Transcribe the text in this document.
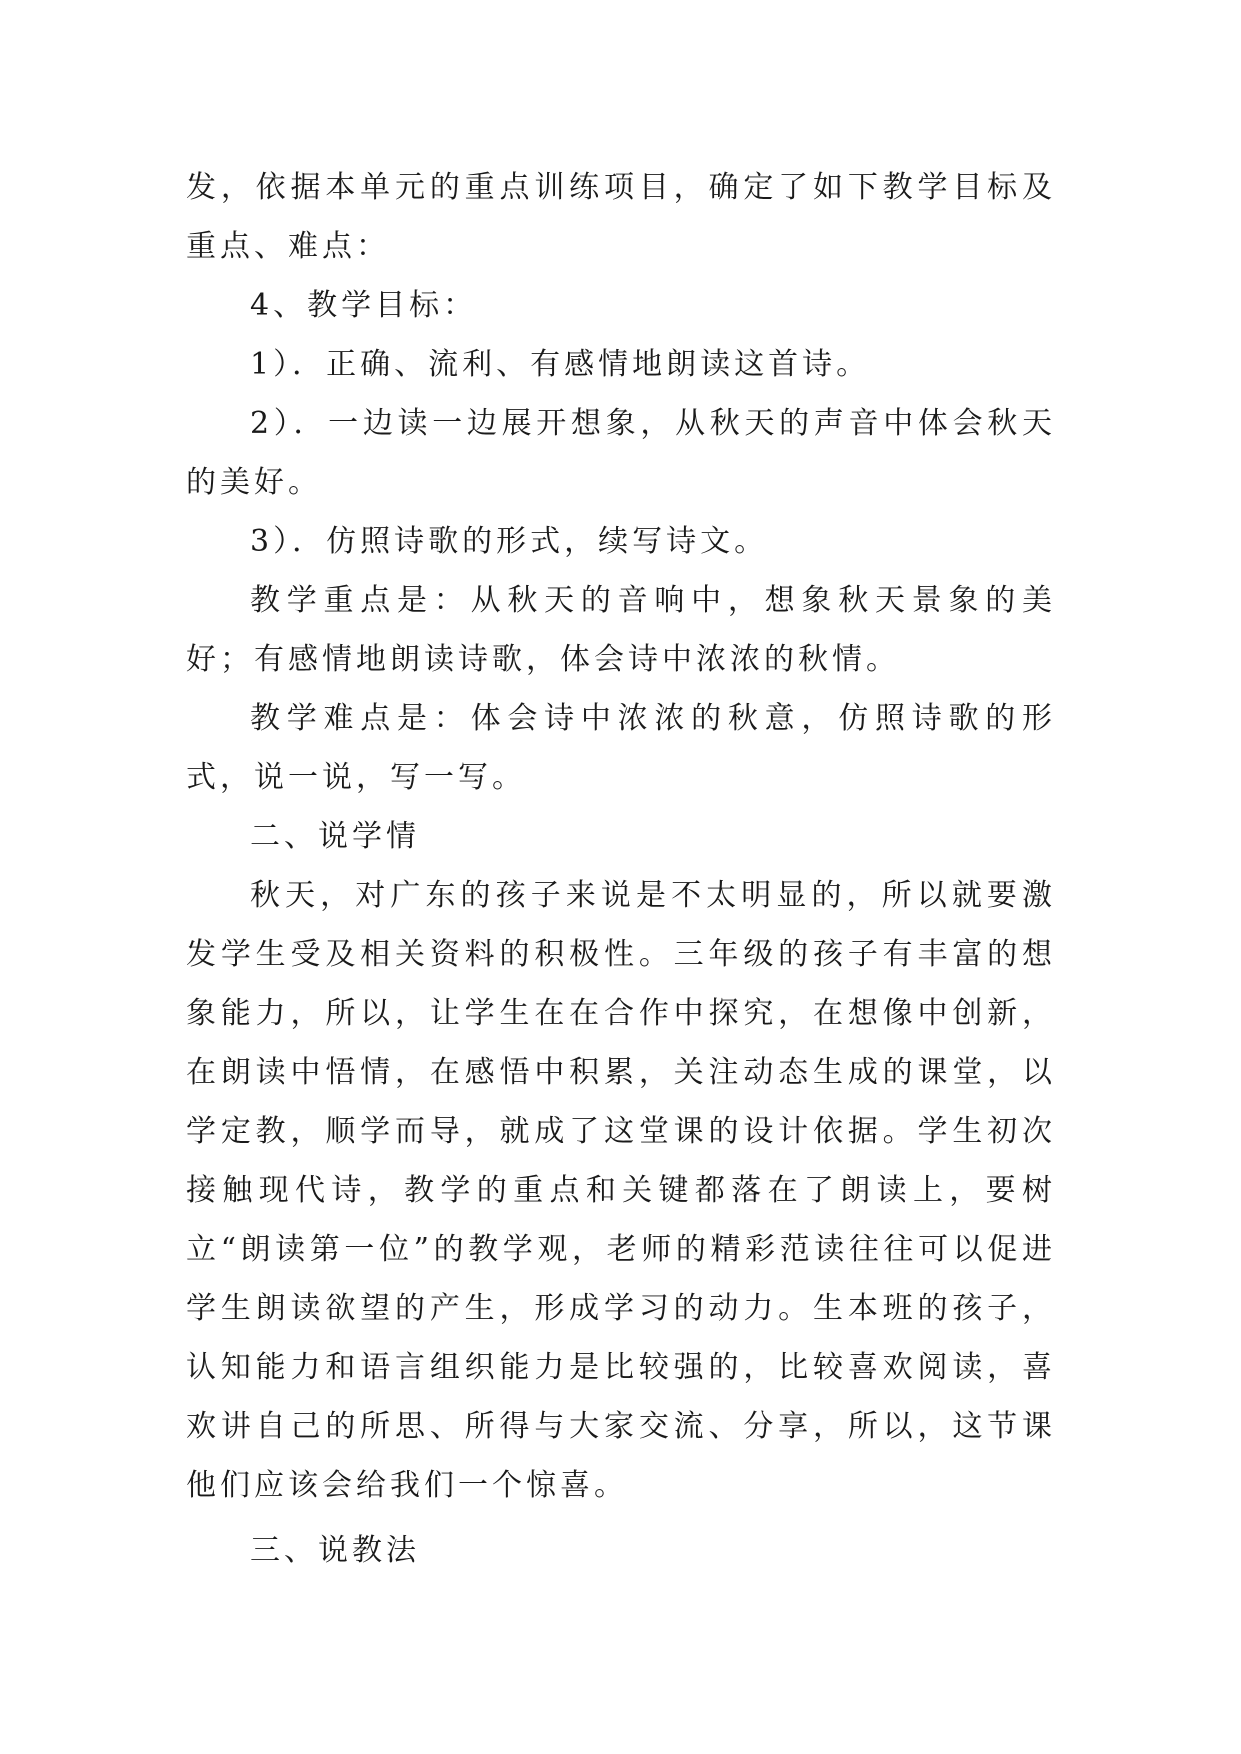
发，依据本单元的重点训练项目，确定了如下教学目标及重点、难点：

4、教学目标：

1）．正确、流利、有感情地朗读这首诗。

2）．一边读一边展开想象，从秋天的声音中体会秋天的美好。

3）．仿照诗歌的形式，续写诗文。

教学重点是：从秋天的音响中，想象秋天景象的美好；有感情地朗读诗歌，体会诗中浓浓的秋情。

教学难点是：体会诗中浓浓的秋意，仿照诗歌的形式，说一说，写一写。

二、说学情

秋天，对广东的孩子来说是不太明显的，所以就要激发学生受及相关资料的积极性。三年级的孩子有丰富的想象能力，所以，让学生在在合作中探究，在想像中创新，在朗读中悟情，在感悟中积累，关注动态生成的课堂，以学定教，顺学而导，就成了这堂课的设计依据。学生初次接触现代诗，教学的重点和关键都落在了朗读上，要树立“朗读第一位”的教学观，老师的精彩范读往往可以促进学生朗读欲望的产生，形成学习的动力。生本班的孩子，认知能力和语言组织能力是比较强的，比较喜欢阅读，喜欢讲自己的所思、所得与大家交流、分享，所以，这节课他们应该会给我们一个惊喜。

三、说教法
